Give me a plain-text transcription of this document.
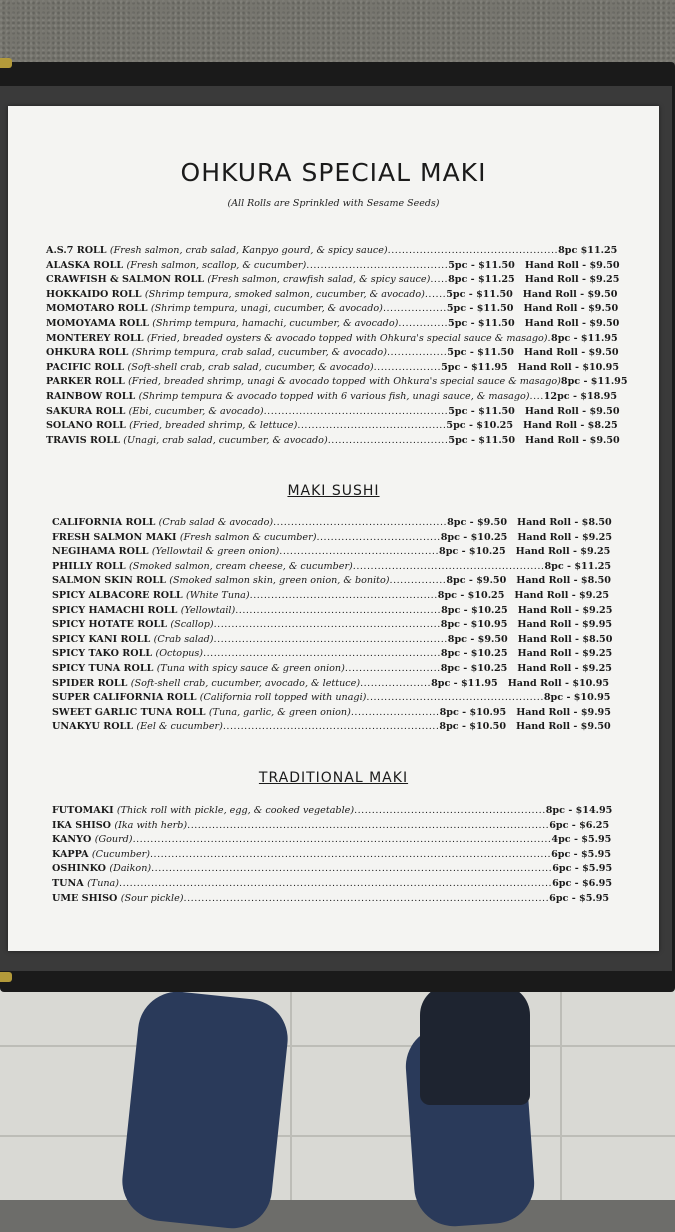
OHKURA SPECIAL MAKI
(All Rolls are Sprinkled with Sesame Seeds)
A.S.7 ROLL (Fresh salmon, crab salad, Kanpyo gourd, & spicy sauce)................................................8pc $11.25
ALASKA ROLL (Fresh salmon, scallop, & cucumber)........................................5pc - $11.50   Hand Roll - $9.50
CRAWFISH & SALMON ROLL (Fresh salmon, crawfish salad, & spicy sauce).....8pc - $11.25   Hand Roll - $9.25
HOKKAIDO ROLL (Shrimp tempura, smoked salmon, cucumber, & avocado)......5pc - $11.50   Hand Roll - $9.50
MOMOTARO ROLL (Shrimp tempura, unagi, cucumber, & avocado)..................5pc - $11.50   Hand Roll - $9.50
MOMOYAMA ROLL (Shrimp tempura, hamachi, cucumber, & avocado)..............5pc - $11.50   Hand Roll - $9.50
MONTEREY ROLL (Fried, breaded oysters & avocado topped with Ohkura's special sauce & masago).8pc - $11.95
OHKURA ROLL (Shrimp tempura, crab salad, cucumber, & avocado).................5pc - $11.50   Hand Roll - $9.50
PACIFIC ROLL (Soft-shell crab, crab salad, cucumber, & avocado)...................5pc - $11.95   Hand Roll - $10.95
PARKER ROLL (Fried, breaded shrimp, unagi & avocado topped with Ohkura's special sauce & masago)8pc - $11.95
RAINBOW ROLL (Shrimp tempura & avocado topped with 6 various fish, unagi sauce, & masago)....12pc - $18.95
SAKURA ROLL (Ebi, cucumber, & avocado)....................................................5pc - $11.50   Hand Roll - $9.50
SOLANO ROLL (Fried, breaded shrimp, & lettuce)..........................................5pc - $10.25   Hand Roll - $8.25
TRAVIS ROLL (Unagi, crab salad, cucumber, & avocado)..................................5pc - $11.50   Hand Roll - $9.50
MAKI SUSHI
CALIFORNIA ROLL (Crab salad & avocado).................................................8pc - $9.50   Hand Roll - $8.50
FRESH SALMON MAKI (Fresh salmon & cucumber)...................................8pc - $10.25   Hand Roll - $9.25
NEGIHAMA ROLL (Yellowtail & green onion).............................................8pc - $10.25   Hand Roll - $9.25
PHILLY ROLL (Smoked salmon, cream cheese, & cucumber)......................................................8pc - $11.25
SALMON SKIN ROLL (Smoked salmon skin, green onion, & bonito)................8pc - $9.50   Hand Roll - $8.50
SPICY ALBACORE ROLL (White Tuna).....................................................8pc - $10.25   Hand Roll - $9.25
SPICY HAMACHI ROLL (Yellowtail)..........................................................8pc - $10.25   Hand Roll - $9.25
SPICY HOTATE ROLL (Scallop)................................................................8pc - $10.95   Hand Roll - $9.95
SPICY KANI ROLL (Crab salad)..................................................................8pc - $9.50   Hand Roll - $8.50
SPICY TAKO ROLL (Octopus)...................................................................8pc - $10.25   Hand Roll - $9.25
SPICY TUNA ROLL (Tuna with spicy sauce & green onion)...........................8pc - $10.25   Hand Roll - $9.25
SPIDER ROLL (Soft-shell crab, cucumber, avocado, & lettuce)....................8pc - $11.95   Hand Roll - $10.95
SUPER CALIFORNIA ROLL (California roll topped with unagi)..................................................8pc - $10.95
SWEET GARLIC TUNA ROLL (Tuna, garlic, & green onion).........................8pc - $10.95   Hand Roll - $9.95
UNAKYU ROLL (Eel & cucumber).............................................................8pc - $10.50   Hand Roll - $9.50
TRADITIONAL MAKI
FUTOMAKI (Thick roll with pickle, egg, & cooked vegetable)......................................................8pc - $14.95
IKA SHISO (Ika with herb)......................................................................................................6pc - $6.25
KANYO (Gourd)......................................................................................................................4pc - $5.95
KAPPA (Cucumber).................................................................................................................6pc - $5.95
OSHINKO (Daikon).................................................................................................................6pc - $5.95
TUNA (Tuna)..........................................................................................................................6pc - $6.95
UME SHISO (Sour pickle).......................................................................................................6pc - $5.95
